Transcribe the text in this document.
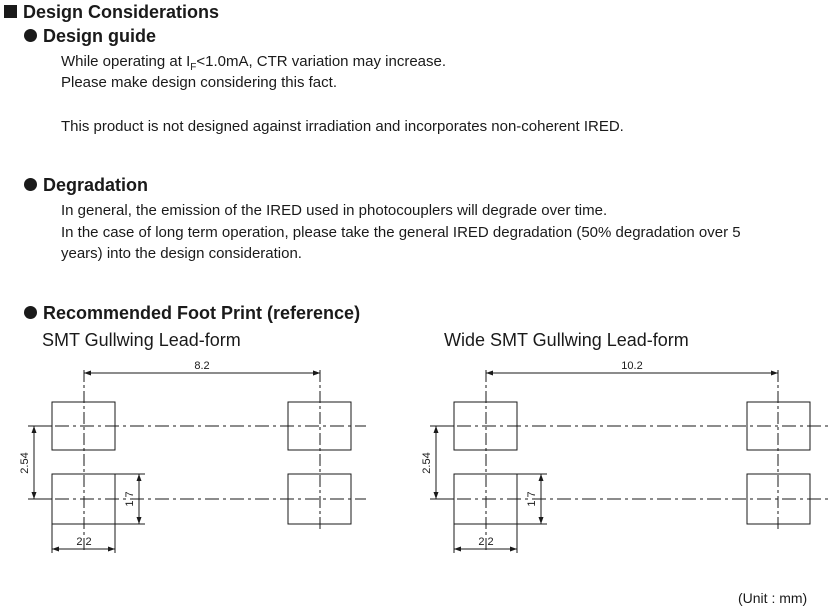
Design Considerations
Design guide
While operating at $I_F<1.0mA$, CTR variation may increase.
Please make design considering this fact.
This product is not designed against irradiation and incorporates non-coherent IRED.
Degradation
In general, the emission of the IRED used in photocouplers will degrade over time.
In the case of long term operation, please take the general IRED degradation (50% degradation over 5
years) into the design consideration.
Recommended Foot Print (reference)
SMT Gullwing Lead-form	Wide SMT Gullwing Lead-form
8.2
2.54
1.7
2.2
10.2
2.54
1.7
2.2
(Unit : mm)
